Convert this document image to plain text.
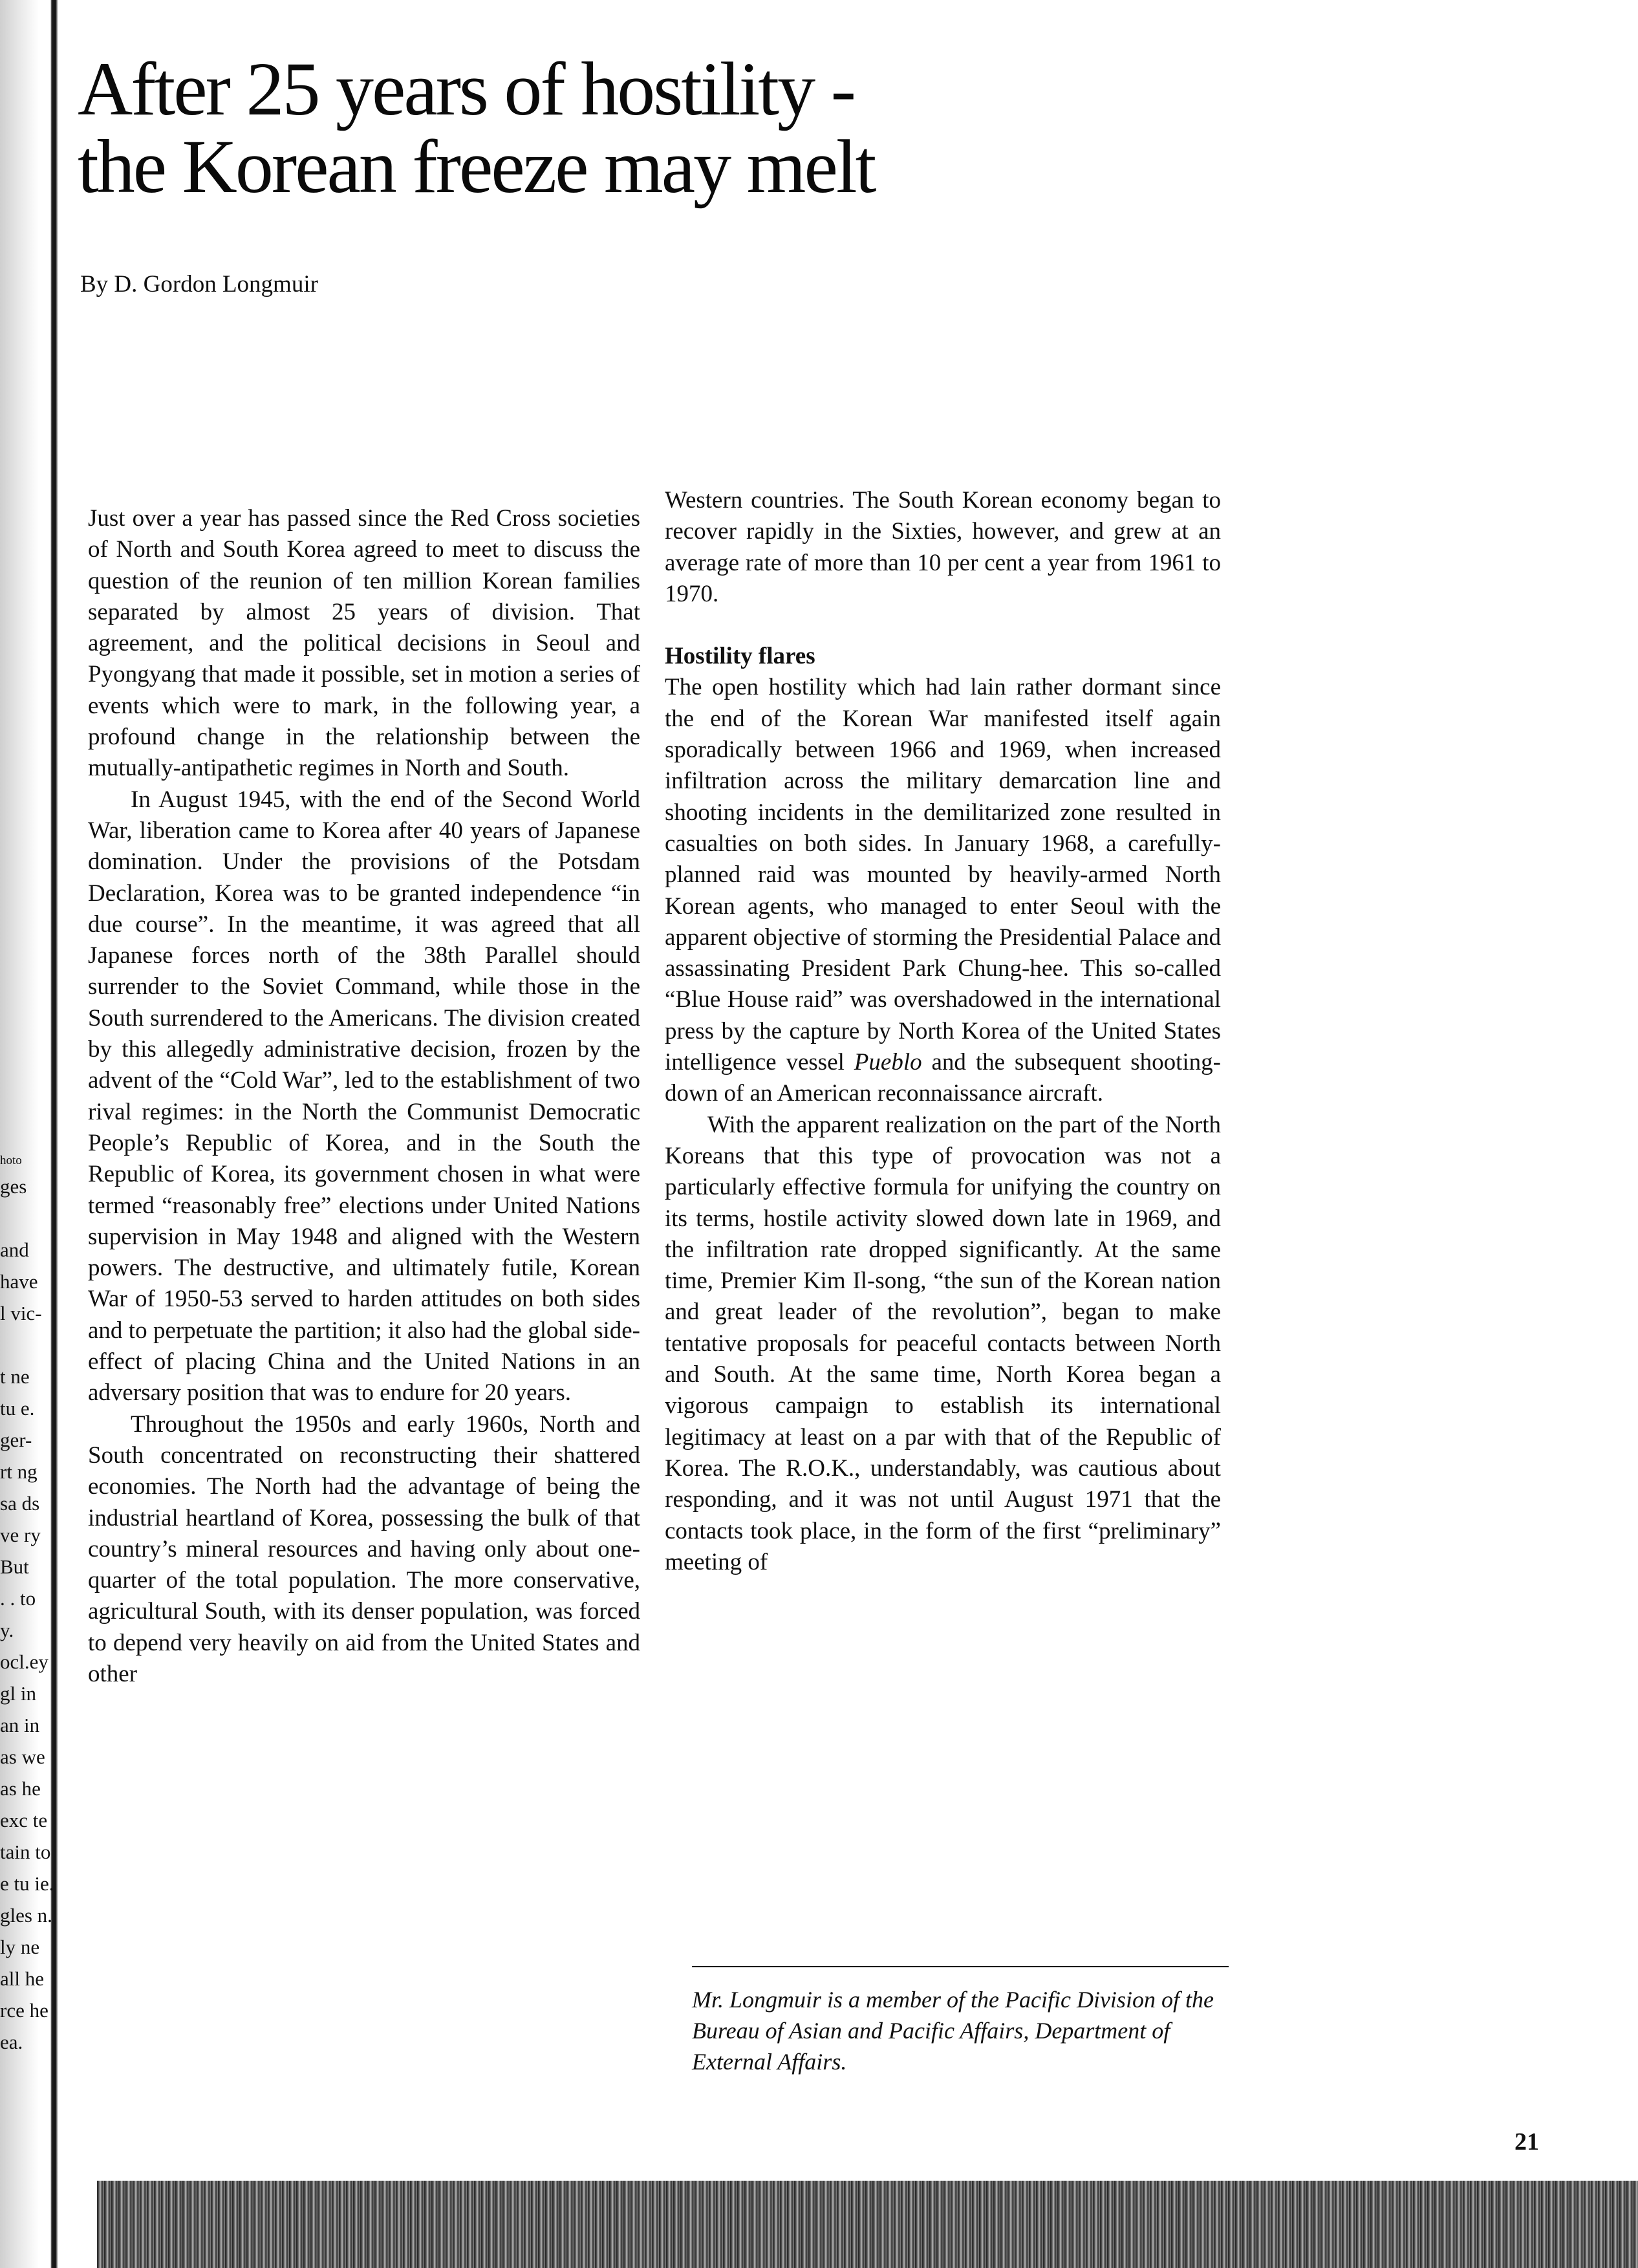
hoto
ges

and
have
l vic-

t ne
tu e.
ger-
rt ng
sa ds
ve ry
But
. . to
y.
ocl.ey
gl in
an in
as we
as he
exc te
tain to
e tu ie.
gles n.
ly ne
all he
rce he
ea.
After 25 years of hostility -
the Korean freeze may melt
By D. Gordon Longmuir

Just over a year has passed since the Red Cross societies of North and South Korea agreed to meet to discuss the question of the reunion of ten million Korean families separated by almost 25 years of division. That agreement, and the political decisions in Seoul and Pyongyang that made it possible, set in motion a series of events which were to mark, in the following year, a profound change in the relationship between the mutually-antipathetic regimes in North and South.

In August 1945, with the end of the Second World War, liberation came to Korea after 40 years of Japanese domination. Under the provisions of the Potsdam Declaration, Korea was to be granted independence “in due course”. In the meantime, it was agreed that all Japanese forces north of the 38th Parallel should surrender to the Soviet Command, while those in the South surrendered to the Americans. The division created by this allegedly administrative decision, frozen by the advent of the “Cold War”, led to the establishment of two rival regimes: in the North the Communist Democratic People’s Republic of Korea, and in the South the Republic of Korea, its government chosen in what were termed “reasonably free” elections under United Nations supervision in May 1948 and aligned with the Western powers. The destructive, and ultimately futile, Korean War of 1950-53 served to harden attitudes on both sides and to perpetuate the partition; it also had the global side-effect of placing China and the United Nations in an adversary position that was to endure for 20 years.

Throughout the 1950s and early 1960s, North and South concentrated on reconstructing their shattered economies. The North had the advantage of being the industrial heartland of Korea, possessing the bulk of that country’s mineral resources and having only about one-quarter of the total population. The more conservative, agricultural South, with its denser population, was forced to depend very heavily on aid from the United States and other

Western countries. The South Korean economy began to recover rapidly in the Sixties, however, and grew at an average rate of more than 10 per cent a year from 1961 to 1970.

Hostility flares

The open hostility which had lain rather dormant since the end of the Korean War manifested itself again sporadically between 1966 and 1969, when increased infiltration across the military demarcation line and shooting incidents in the demilitarized zone resulted in casualties on both sides. In January 1968, a carefully-planned raid was mounted by heavily-armed North Korean agents, who managed to enter Seoul with the apparent objective of storming the Presidential Palace and assassinating President Park Chung-hee. This so-called “Blue House raid” was overshadowed in the international press by the capture by North Korea of the United States intelligence vessel Pueblo and the subsequent shooting-down of an American reconnaissance aircraft.

With the apparent realization on the part of the North Koreans that this type of provocation was not a particularly effective formula for unifying the country on its terms, hostile activity slowed down late in 1969, and the infiltration rate dropped significantly. At the same time, Premier Kim Il-song, “the sun of the Korean nation and great leader of the revolution”, began to make tentative proposals for peaceful contacts between North and South. At the same time, North Korea began a vigorous campaign to establish its international legitimacy at least on a par with that of the Republic of Korea. The R.O.K., understandably, was cautious about responding, and it was not until August 1971 that the contacts took place, in the form of the first “preliminary” meeting of

Mr. Longmuir is a member of the Pacific Division of the Bureau of Asian and Pacific Affairs, Department of External Affairs.

21
